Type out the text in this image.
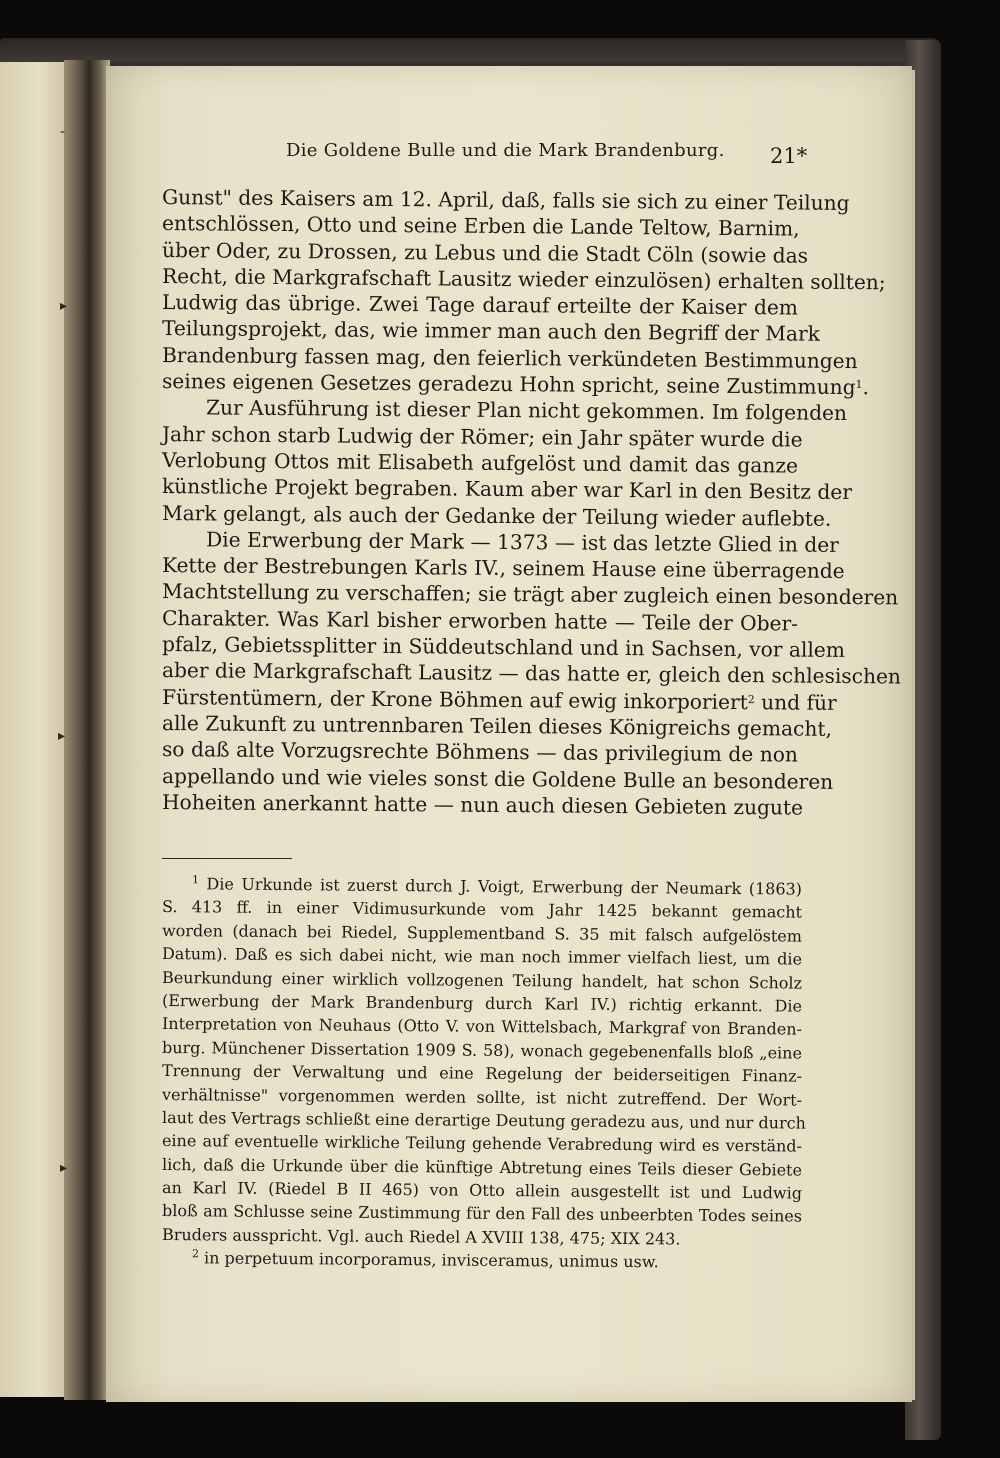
Die Goldene Bulle und die Mark Brandenburg. 21*
Gunst" des Kaisers am 12. April, daß, falls sie sich zu einer Teilung
entschlössen, Otto und seine Erben die Lande Teltow, Barnim,
über Oder, zu Drossen, zu Lebus und die Stadt Cöln (sowie das
Recht, die Markgrafschaft Lausitz wieder einzulösen) erhalten sollten;
Ludwig das übrige. Zwei Tage darauf erteilte der Kaiser dem
Teilungsprojekt, das, wie immer man auch den Begriff der Mark
Brandenburg fassen mag, den feierlich verkündeten Bestimmungen
seines eigenen Gesetzes geradezu Hohn spricht, seine Zustimmung$^1$.
Zur Ausführung ist dieser Plan nicht gekommen. Im folgenden
Jahr schon starb Ludwig der Römer; ein Jahr später wurde die
Verlobung Ottos mit Elisabeth aufgelöst und damit das ganze
künstliche Projekt begraben. Kaum aber war Karl in den Besitz der
Mark gelangt, als auch der Gedanke der Teilung wieder auflebte.
Die Erwerbung der Mark — 1373 — ist das letzte Glied in der
Kette der Bestrebungen Karls IV., seinem Hause eine überragende
Machtstellung zu verschaffen; sie trägt aber zugleich einen besonderen
Charakter. Was Karl bisher erworben hatte — Teile der Ober-
pfalz, Gebietssplitter in Süddeutschland und in Sachsen, vor allem
aber die Markgrafschaft Lausitz — das hatte er, gleich den schlesischen
Fürstentümern, der Krone Böhmen auf ewig inkorporiert$^2$ und für
alle Zukunft zu untrennbaren Teilen dieses Königreichs gemacht,
so daß alte Vorzugsrechte Böhmens — das privilegium de non
appellando und wie vieles sonst die Goldene Bulle an besonderen
Hoheiten anerkannt hatte — nun auch diesen Gebieten zugute
$^1$ Die Urkunde ist zuerst durch J. Voigt, Erwerbung der Neumark (1863)
S. 413 ff. in einer Vidimusurkunde vom Jahr 1425 bekannt gemacht
worden (danach bei Riedel, Supplementband S. 35 mit falsch aufgelöstem
Datum). Daß es sich dabei nicht, wie man noch immer vielfach liest, um die
Beurkundung einer wirklich vollzogenen Teilung handelt, hat schon Scholz
(Erwerbung der Mark Brandenburg durch Karl IV.) richtig erkannt. Die
Interpretation von Neuhaus (Otto V. von Wittelsbach, Markgraf von Branden-
burg. Münchener Dissertation 1909 S. 58), wonach gegebenenfalls bloß „eine
Trennung der Verwaltung und eine Regelung der beiderseitigen Finanz-
verhältnisse" vorgenommen werden sollte, ist nicht zutreffend. Der Wort-
laut des Vertrags schließt eine derartige Deutung geradezu aus, und nur durch
eine auf eventuelle wirkliche Teilung gehende Verabredung wird es verständ-
lich, daß die Urkunde über die künftige Abtretung eines Teils dieser Gebiete
an Karl IV. (Riedel B II 465) von Otto allein ausgestellt ist und Ludwig
bloß am Schlusse seine Zustimmung für den Fall des unbeerbten Todes seines
Bruders ausspricht. Vgl. auch Riedel A XVIII 138, 475; XIX 243.
$^2$ in perpetuum incorporamus, invisceramus, unimus usw.
-
▸
▸
▸
